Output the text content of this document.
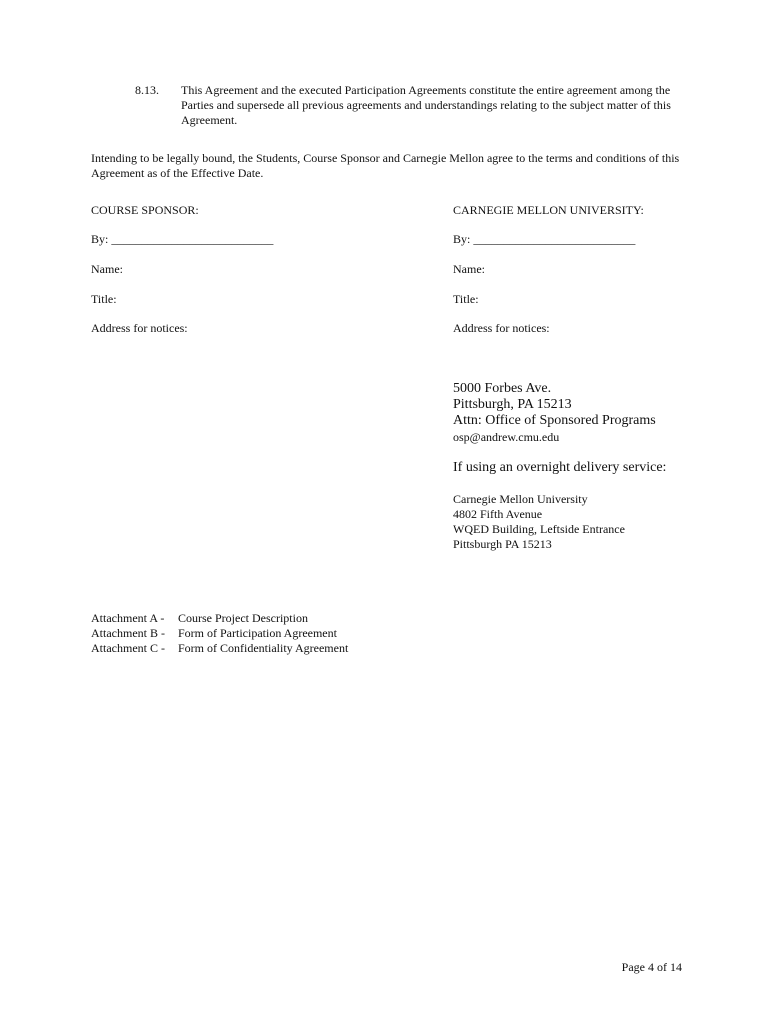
8.13. This Agreement and the executed Participation Agreements constitute the entire agreement among the Parties and supersede all previous agreements and understandings relating to the subject matter of this Agreement.
Intending to be legally bound, the Students, Course Sponsor and Carnegie Mellon agree to the terms and conditions of this Agreement as of the Effective Date.
COURSE SPONSOR:
By: ___________________________
Name:
Title:
Address for notices:
CARNEGIE MELLON UNIVERSITY:
By: ___________________________
Name:
Title:
Address for notices:
5000 Forbes Ave.
Pittsburgh, PA 15213
Attn: Office of Sponsored Programs
osp@andrew.cmu.edu
If using an overnight delivery service:
Carnegie Mellon University
4802 Fifth Avenue
WQED Building, Leftside Entrance
Pittsburgh PA 15213
Attachment A -	Course Project Description
Attachment B -	Form of Participation Agreement
Attachment C -	Form of Confidentiality Agreement
Page 4 of 14
